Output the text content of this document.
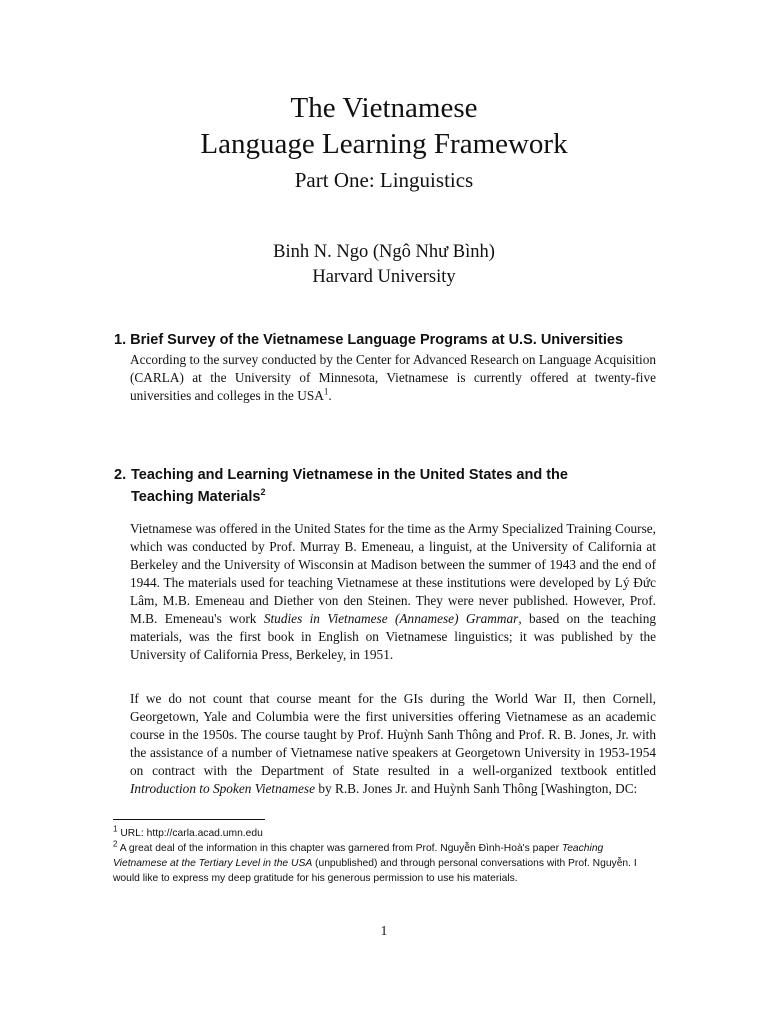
The Vietnamese
Language Learning Framework
Part One: Linguistics
Binh N. Ngo (Ngô Như Bình)
Harvard University
1. Brief Survey of the Vietnamese Language Programs at U.S. Universities
According to the survey conducted by the Center for Advanced Research on Language Acquisition (CARLA) at the University of Minnesota, Vietnamese is currently offered at twenty-five universities and colleges in the USA$^1$.
2. Teaching and Learning Vietnamese in the United States and the
Teaching Materials$^2$
Vietnamese was offered in the United States for the time as the Army Specialized Training Course, which was conducted by Prof. Murray B. Emeneau, a linguist, at the University of California at Berkeley and the University of Wisconsin at Madison between the summer of 1943 and the end of 1944. The materials used for teaching Vietnamese at these institutions were developed by Lý Đức Lâm, M.B. Emeneau and Diether von den Steinen. They were never published. However, Prof. M.B. Emeneau's work Studies in Vietnamese (Annamese) Grammar, based on the teaching materials, was the first book in English on Vietnamese linguistics; it was published by the University of California Press, Berkeley, in 1951.
If we do not count that course meant for the GIs during the World War II, then Cornell, Georgetown, Yale and Columbia were the first universities offering Vietnamese as an academic course in the 1950s. The course taught by Prof. Huỳnh Sanh Thông and Prof. R. B. Jones, Jr. with the assistance of a number of Vietnamese native speakers at Georgetown University in 1953-1954 on contract with the Department of State resulted in a well-organized textbook entitled Introduction to Spoken Vietnamese by R.B. Jones Jr. and Huỳnh Sanh Thông [Washington, DC:

$^1$ URL: http://carla.acad.umn.edu

$^2$ A great deal of the information in this chapter was garnered from Prof. Nguyễn Đình-Hoà's paper Teaching Vietnamese at the Tertiary Level in the USA (unpublished) and through personal conversations with Prof. Nguyễn. I would like to express my deep gratitude for his generous permission to use his materials.

1
